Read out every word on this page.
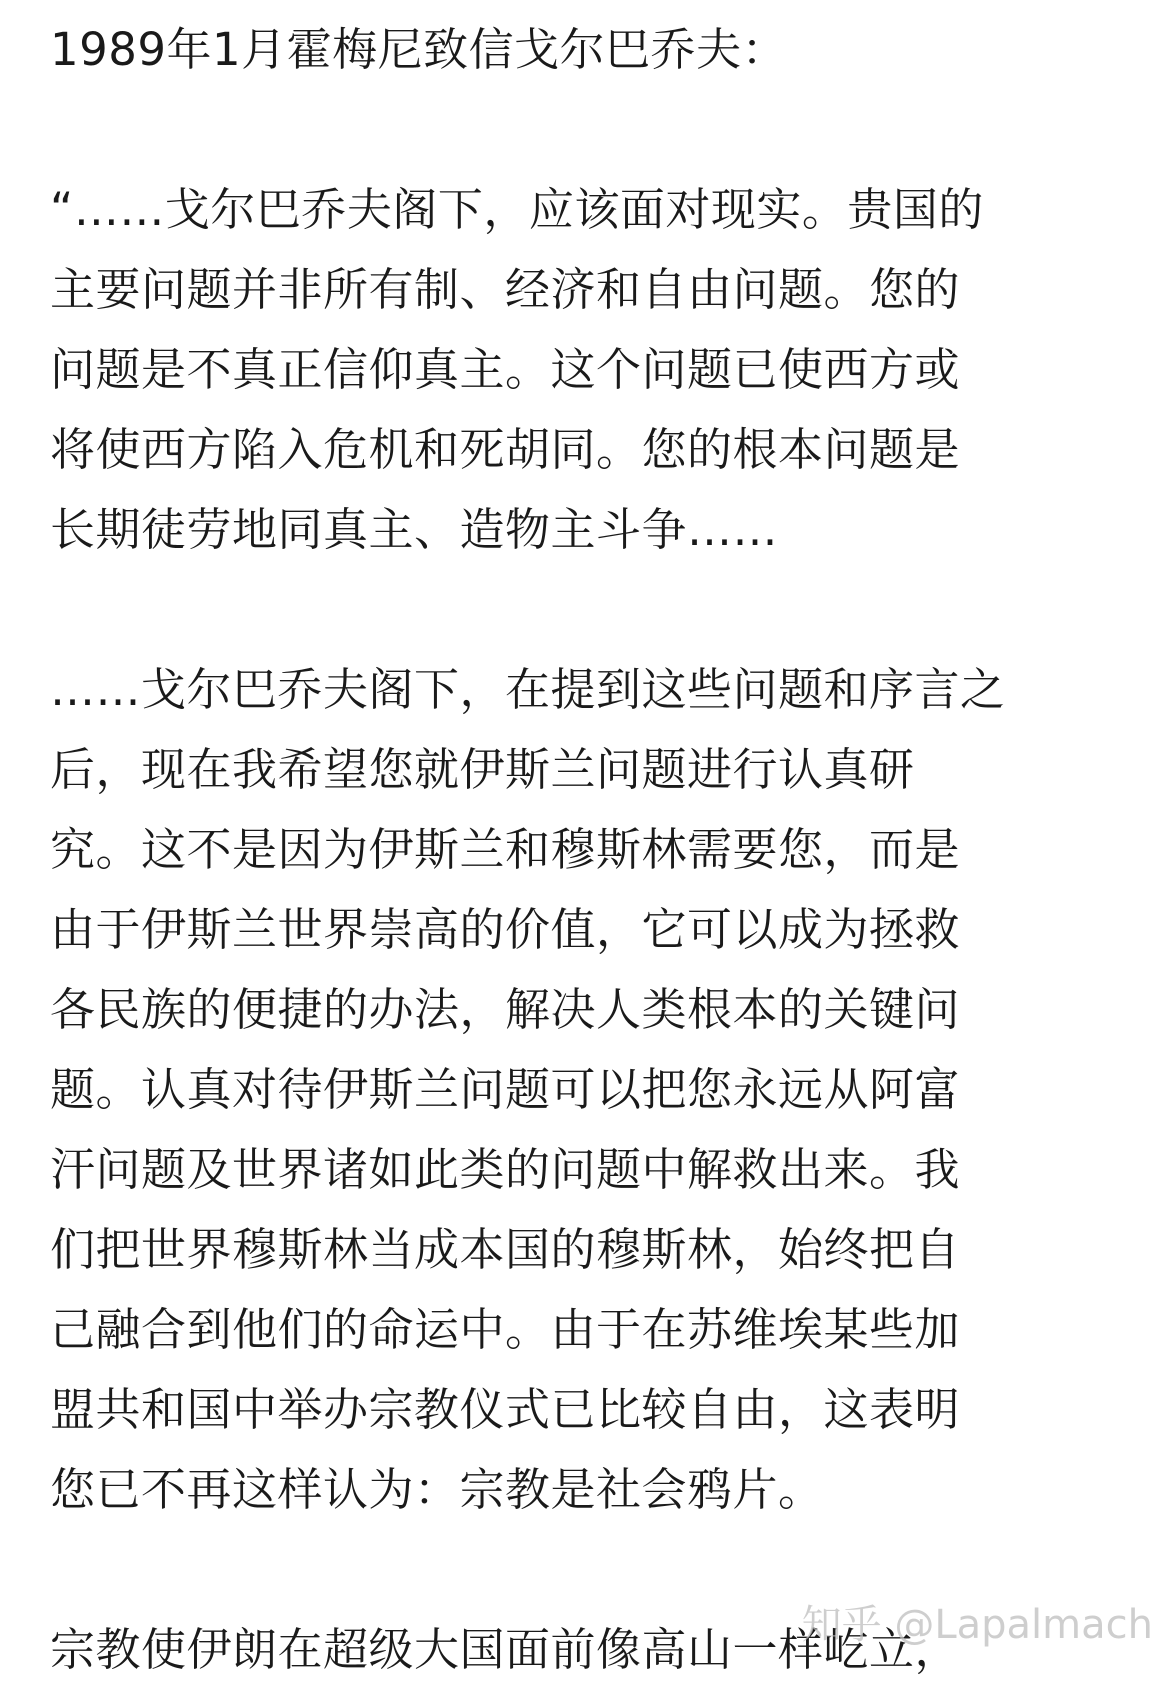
1989年1月霍梅尼致信戈尔巴乔夫：
“……戈尔巴乔夫阁下，应该面对现实。贵国的
主要问题并非所有制、经济和自由问题。您的
问题是不真正信仰真主。这个问题已使西方或
将使西方陷入危机和死胡同。您的根本问题是
长期徒劳地同真主、造物主斗争……
……戈尔巴乔夫阁下，在提到这些问题和序言之
后，现在我希望您就伊斯兰问题进行认真研
究。这不是因为伊斯兰和穆斯林需要您，而是
由于伊斯兰世界崇高的价值，它可以成为拯救
各民族的便捷的办法，解决人类根本的关键问
题。认真对待伊斯兰问题可以把您永远从阿富
汗问题及世界诸如此类的问题中解救出来。我
们把世界穆斯林当成本国的穆斯林，始终把自
己融合到他们的命运中。由于在苏维埃某些加
盟共和国中举办宗教仪式已比较自由，这表明
您已不再这样认为：宗教是社会鸦片。
宗教使伊朗在超级大国面前像高山一样屹立，
知乎 @Lapalmach
